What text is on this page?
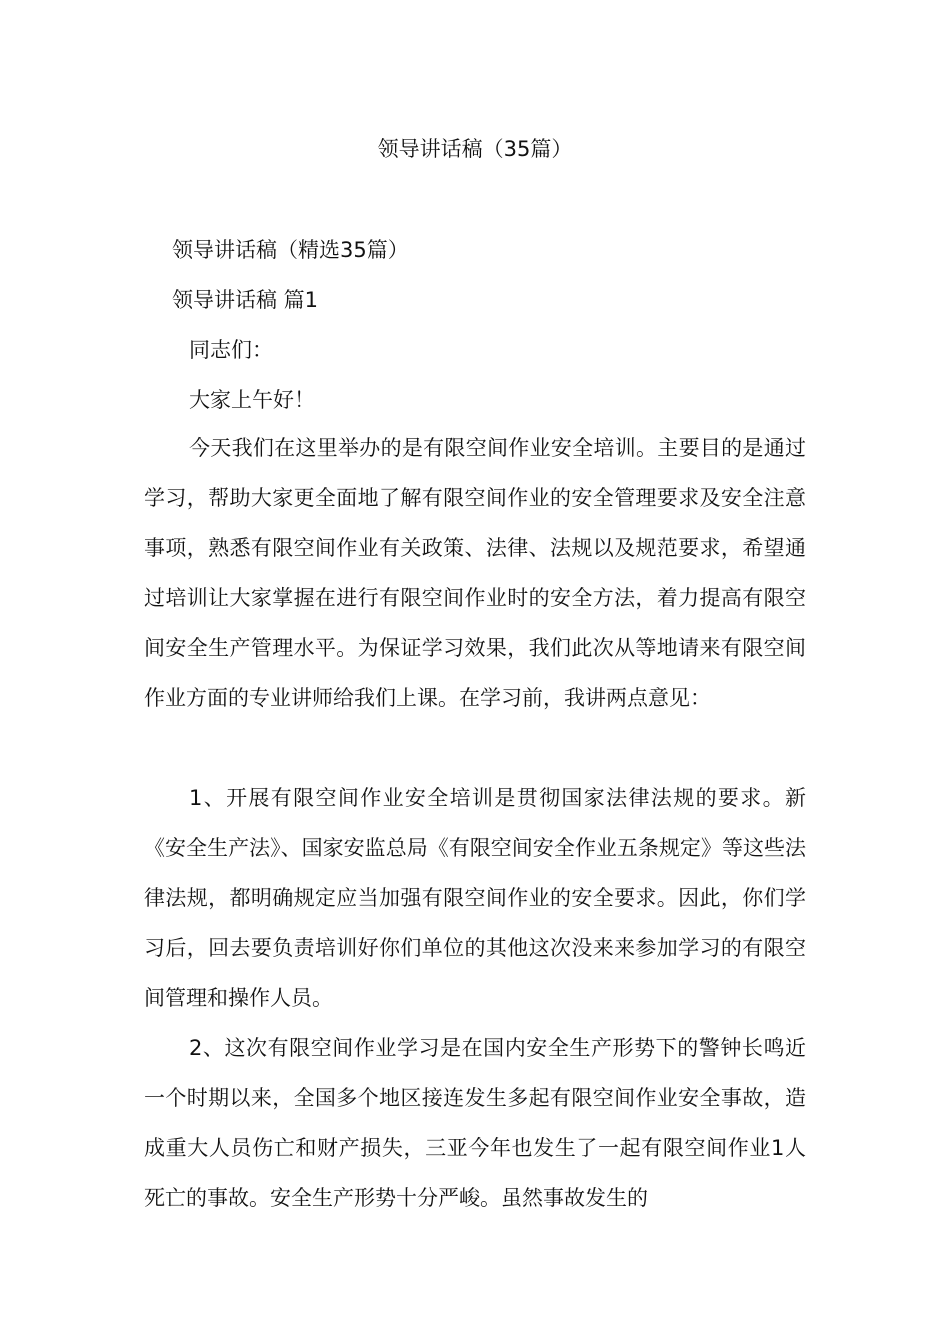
领导讲话稿（35篇）
领导讲话稿（精选35篇）
领导讲话稿 篇1
同志们：
大家上午好！

今天我们在这里举办的是有限空间作业安全培训。主要目的是通过学习，帮助大家更全面地了解有限空间作业的安全管理要求及安全注意事项，熟悉有限空间作业有关政策、法律、法规以及规范要求，希望通过培训让大家掌握在进行有限空间作业时的安全方法，着力提高有限空间安全生产管理水平。为保证学习效果，我们此次从等地请来有限空间作业方面的专业讲师给我们上课。在学习前，我讲两点意见：

1、开展有限空间作业安全培训是贯彻国家法律法规的要求。新《安全生产法》、国家安监总局《有限空间安全作业五条规定》等这些法律法规，都明确规定应当加强有限空间作业的安全要求。因此，你们学习后，回去要负责培训好你们单位的其他这次没来来参加学习的有限空间管理和操作人员。

2、这次有限空间作业学习是在国内安全生产形势下的警钟长鸣近一个时期以来，全国多个地区接连发生多起有限空间作业安全事故，造成重大人员伤亡和财产损失，三亚今年也发生了一起有限空间作业1人死亡的事故。安全生产形势十分严峻。虽然事故发生的
